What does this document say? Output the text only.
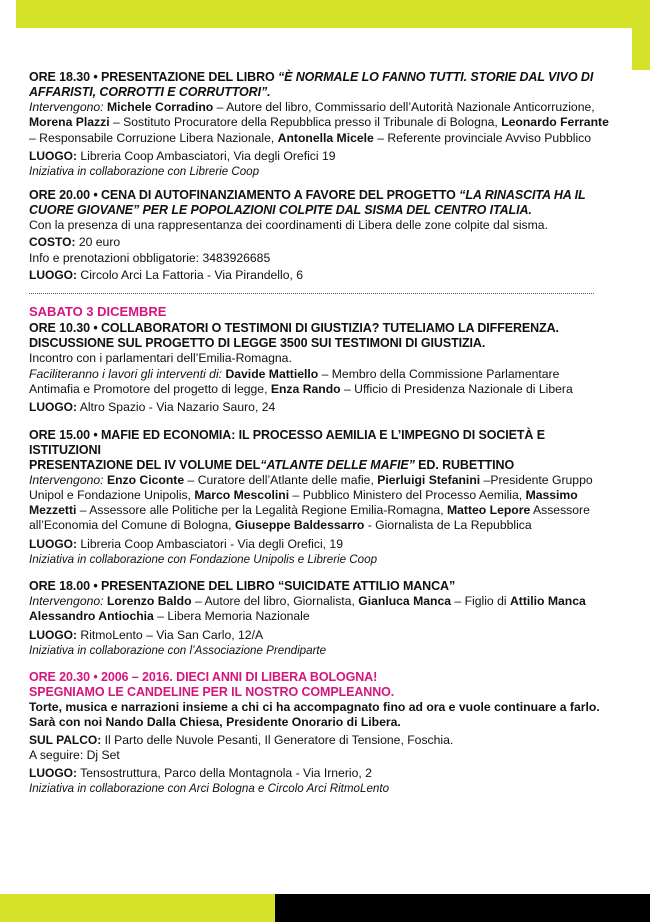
ORE 18.30 • PRESENTAZIONE DEL LIBRO “È NORMALE LO FANNO TUTTI. STORIE DAL VIVO DI AFFARISTI, CORROTTI E CORRUTTORI”.
Intervengono: Michele Corradino – Autore del libro, Commissario dell’Autorità Nazionale Anticorruzione, Morena Plazzi – Sostituto Procuratore della Repubblica presso il Tribunale di Bologna, Leonardo Ferrante – Responsabile Corruzione Libera Nazionale, Antonella Micele – Referente provinciale Avviso Pubblico
LUOGO: Libreria Coop Ambasciatori, Via degli Orefici 19
Iniziativa in collaborazione con Librerie Coop
ORE 20.00 • CENA DI AUTOFINANZIAMENTO A FAVORE DEL PROGETTO “LA RINASCITA HA IL CUORE GIOVANE” PER LE POPOLAZIONI COLPITE DAL SISMA DEL CENTRO ITALIA.
Con la presenza di una rappresentanza dei coordinamenti di Libera delle zone colpite dal sisma.
COSTO: 20 euro
Info e prenotazioni obbligatorie: 3483926685
LUOGO: Circolo Arci La Fattoria - Via Pirandello, 6
SABATO 3 DICEMBRE
ORE 10.30 • COLLABORATORI O TESTIMONI DI GIUSTIZIA? TUTELIAMO LA DIFFERENZA.
DISCUSSIONE SUL PROGETTO DI LEGGE 3500 SUI TESTIMONI DI GIUSTIZIA.
Incontro con i parlamentari dell’Emilia-Romagna.
Faciliteranno i lavori gli interventi di: Davide Mattiello – Membro della Commissione Parlamentare Antimafia e Promotore del progetto di legge, Enza Rando – Ufficio di Presidenza Nazionale di Libera
LUOGO: Altro Spazio - Via Nazario Sauro, 24
ORE 15.00 • MAFIE ED ECONOMIA: IL PROCESSO AEMILIA E L’IMPEGNO DI SOCIETÀ E ISTITUZIONI
PRESENTAZIONE DEL IV VOLUME DEL“ATLANTE DELLE MAFIE” ED. RUBETTINO
Intervengono: Enzo Ciconte – Curatore dell’Atlante delle mafie, Pierluigi Stefanini –Presidente Gruppo Unipol e Fondazione Unipolis, Marco Mescolini – Pubblico Ministero del Processo Aemilia, Massimo Mezzetti – Assessore alle Politiche per la Legalità Regione Emilia-Romagna, Matteo Lepore Assessore all’Economia del Comune di Bologna, Giuseppe Baldessarro - Giornalista de La Repubblica
LUOGO: Libreria Coop Ambasciatori - Via degli Orefici, 19
Iniziativa in collaborazione con Fondazione Unipolis e Librerie Coop
ORE 18.00 • PRESENTAZIONE DEL LIBRO “SUICIDATE ATTILIO MANCA”
Intervengono: Lorenzo Baldo – Autore del libro, Giornalista, Gianluca Manca – Figlio di Attilio Manca
Alessandro Antiochia – Libera Memoria Nazionale
LUOGO: RitmoLento – Via San Carlo, 12/A
Iniziativa in collaborazione con l’Associazione Prendiparte
ORE 20.30 • 2006 – 2016. DIECI ANNI DI LIBERA BOLOGNA!
SPEGNIAMO LE CANDELINE PER IL NOSTRO COMPLEANNO.
Torte, musica e narrazioni insieme a chi ci ha accompagnato fino ad ora e vuole continuare a farlo.
Sarà con noi Nando Dalla Chiesa, Presidente Onorario di Libera.
SUL PALCO: Il Parto delle Nuvole Pesanti, Il Generatore di Tensione, Foschia.
A seguire: Dj Set
LUOGO: Tensostruttura, Parco della Montagnola - Via Irnerio, 2
Iniziativa in collaborazione con Arci Bologna e Circolo Arci RitmoLento
